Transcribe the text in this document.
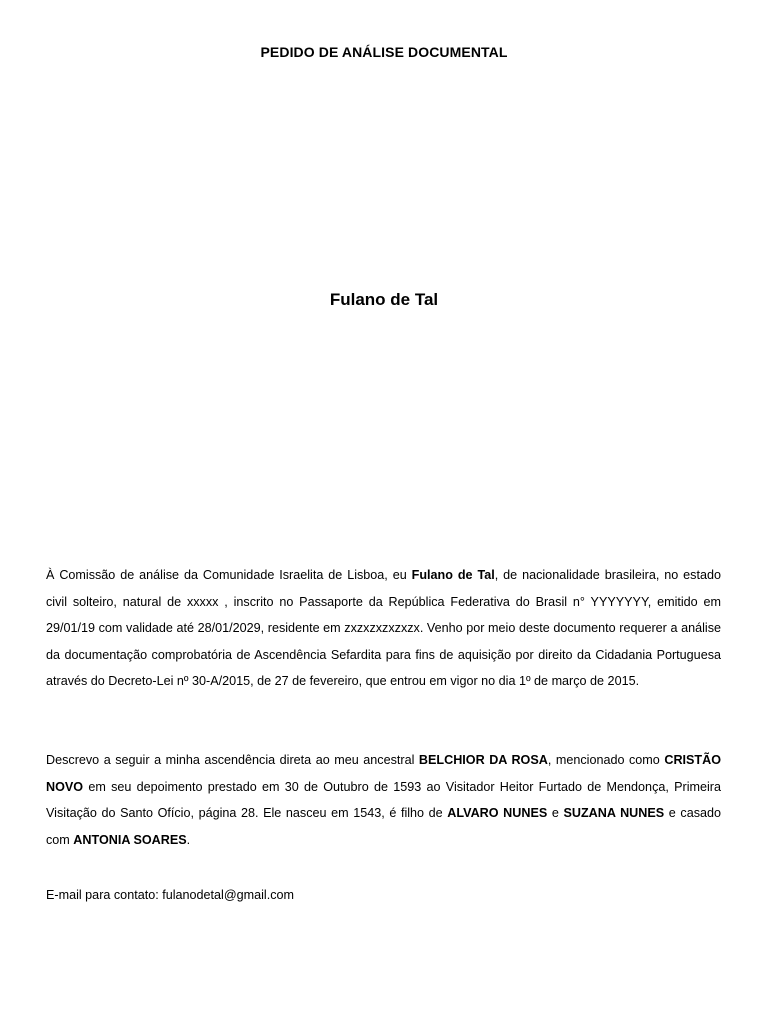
PEDIDO DE ANÁLISE DOCUMENTAL
Fulano de Tal

À Comissão de análise da Comunidade Israelita de Lisboa, eu Fulano de Tal, de nacionalidade brasileira, no estado civil solteiro, natural de xxxxx , inscrito no Passaporte da República Federativa do Brasil n° YYYYYYY, emitido em 29/01/19 com validade até 28/01/2029, residente em zxzxzxzxzxzx. Venho por meio deste documento requerer a análise da documentação comprobatória de Ascendência Sefardita para fins de aquisição por direito da Cidadania Portuguesa através do Decreto-Lei nº 30-A/2015, de 27 de fevereiro, que entrou em vigor no dia 1º de março de 2015.

Descrevo a seguir a minha ascendência direta ao meu ancestral BELCHIOR DA ROSA, mencionado como CRISTÃO NOVO em seu depoimento prestado em 30 de Outubro de 1593 ao Visitador Heitor Furtado de Mendonça, Primeira Visitação do Santo Ofício, página 28. Ele nasceu em 1543, é filho de ALVARO NUNES e SUZANA NUNES e casado com ANTONIA SOARES.

E-mail para contato: fulanodetal@gmail.com
